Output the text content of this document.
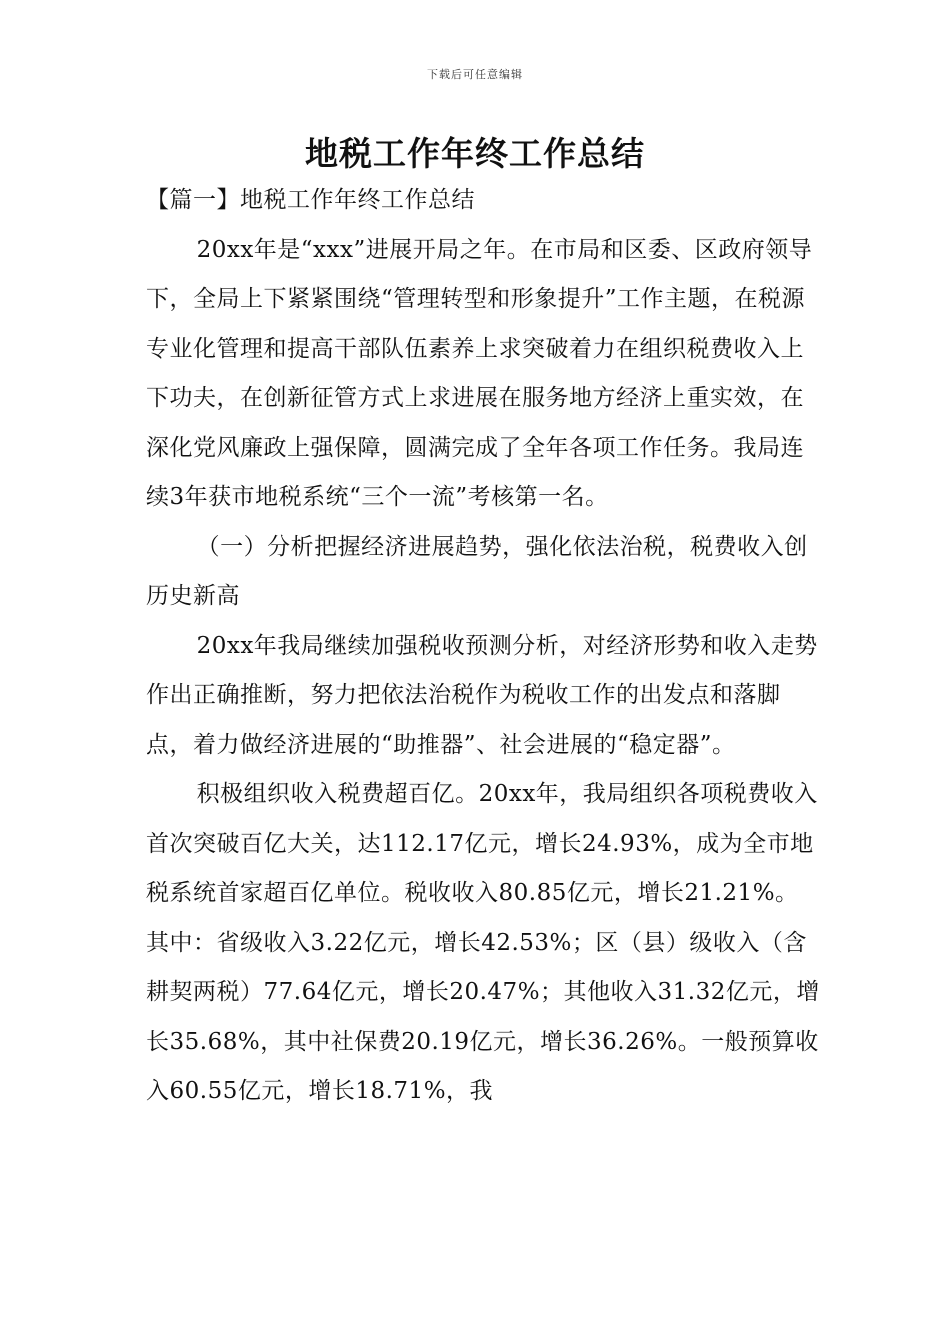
下载后可任意编辑
地税工作年终工作总结

【篇一】地税工作年终工作总结

20xx年是“xxx”进展开局之年。在市局和区委、区政府领导下，全局上下紧紧围绕“管理转型和形象提升”工作主题，在税源专业化管理和提高干部队伍素养上求突破着力在组织税费收入上下功夫，在创新征管方式上求进展在服务地方经济上重实效，在深化党风廉政上强保障，圆满完成了全年各项工作任务。我局连续3年获市地税系统“三个一流”考核第一名。

（一）分析把握经济进展趋势，强化依法治税，税费收入创历史新高

20xx年我局继续加强税收预测分析，对经济形势和收入走势作出正确推断，努力把依法治税作为税收工作的出发点和落脚点，着力做经济进展的“助推器”、社会进展的“稳定器”。

积极组织收入税费超百亿。20xx年，我局组织各项税费收入首次突破百亿大关，达112.17亿元，增长24.93%，成为全市地税系统首家超百亿单位。税收收入80.85亿元，增长21.21%。其中：省级收入3.22亿元，增长42.53%；区（县）级收入（含耕契两税）77.64亿元，增长20.47%；其他收入31.32亿元，增长35.68%，其中社保费20.19亿元，增长36.26%。一般预算收入60.55亿元，增长18.71%，我
